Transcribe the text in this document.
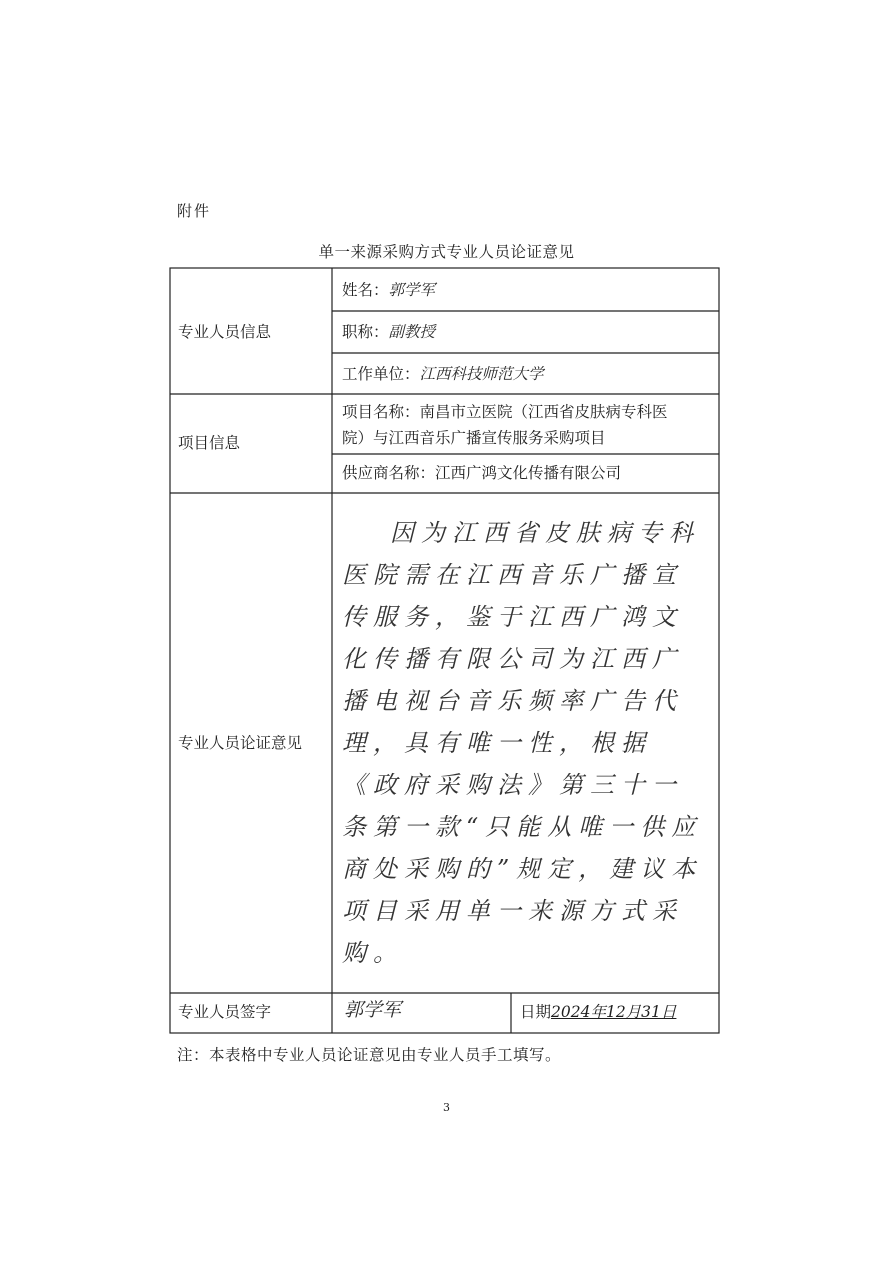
附件
单一来源采购方式专业人员论证意见
专业人员信息
姓名：郭学军
职称：副教授
工作单位：江西科技师范大学
项目信息
项目名称：南昌市立医院（江西省皮肤病专科医
院）与江西音乐广播宣传服务采购项目
供应商名称：江西广鸿文化传播有限公司
专业人员论证意见
因为江西省皮肤病专科医院需在江西音乐广播宣传服务，鉴于江西广鸿文化传播有限公司为江西广播电视台音乐频率广告代理，具有唯一性，根据《政府采购法》第三十一条第一款“只能从唯一供应商处采购的”规定，建议本项目采用单一来源方式采购。
专业人员签字	郭学军	日期2024年12月31日
注：本表格中专业人员论证意见由专业人员手工填写。
3
